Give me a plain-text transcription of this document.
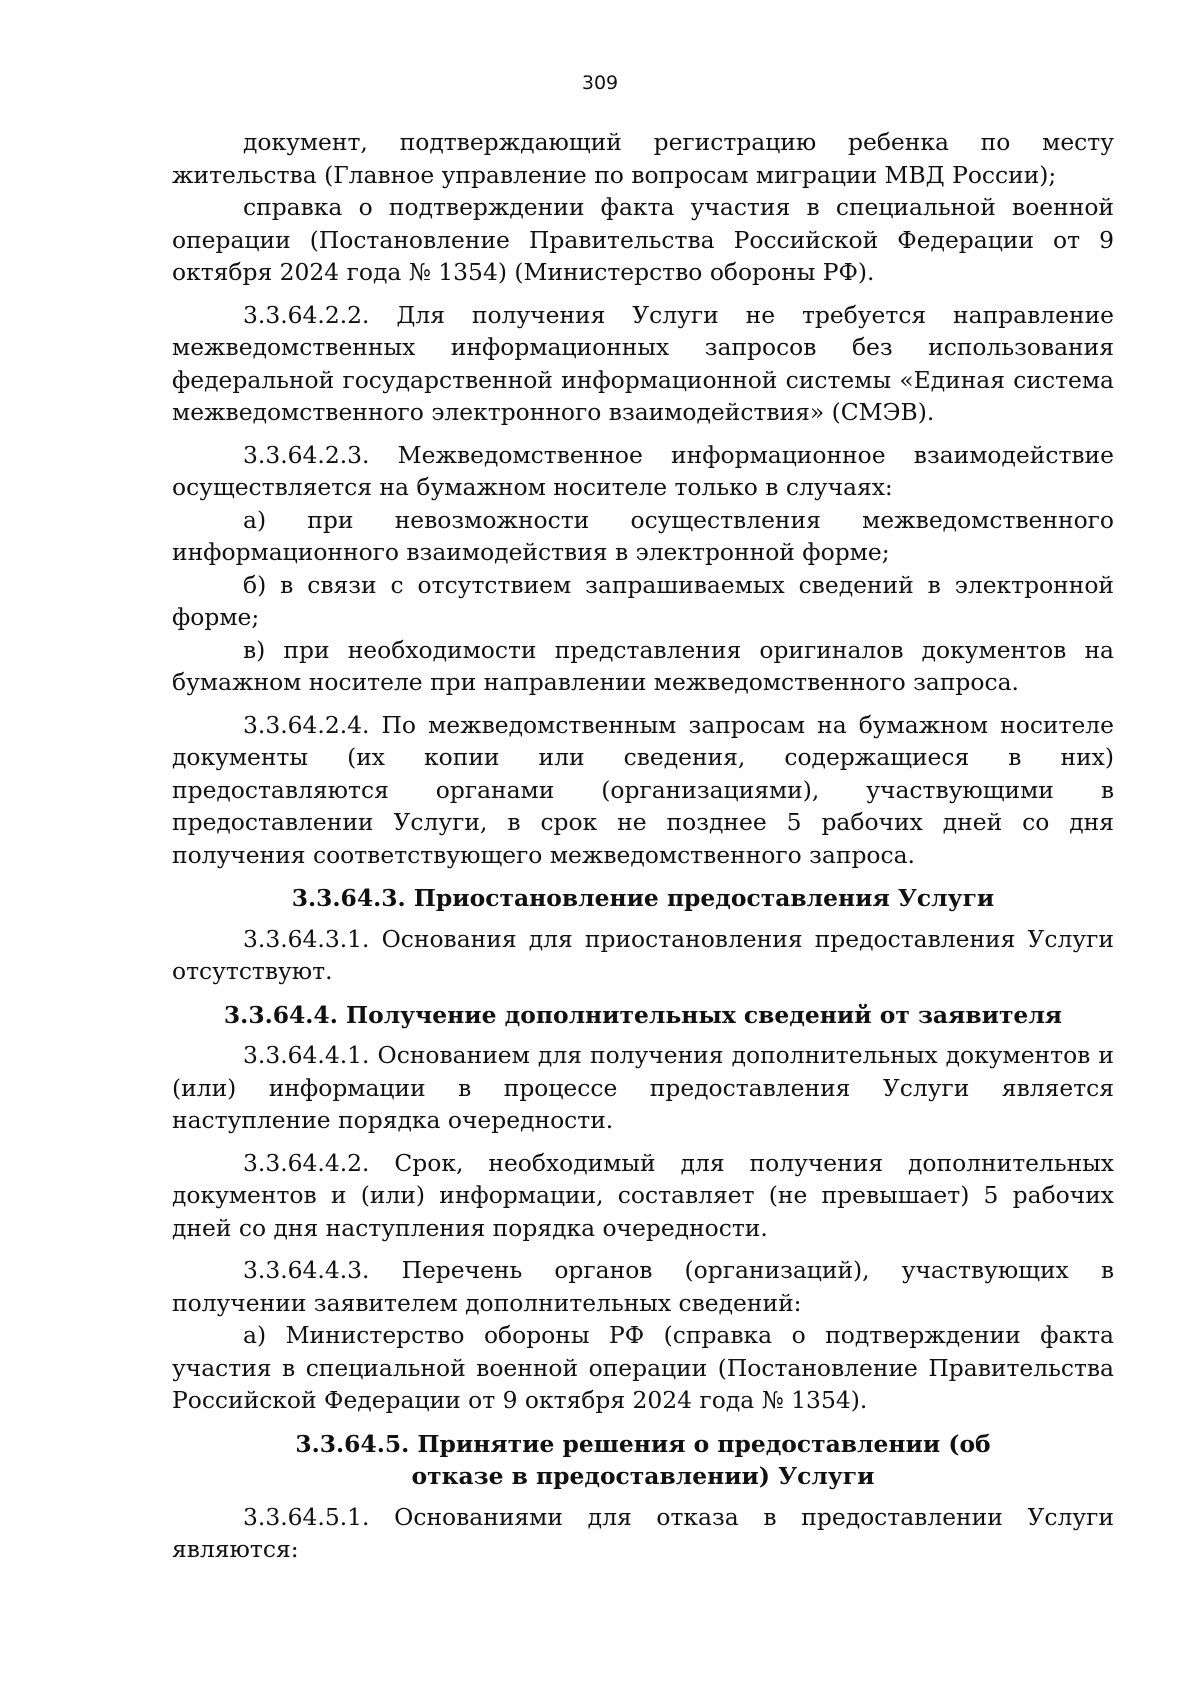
309

документ, подтверждающий регистрацию ребенка по месту жительства (Главное управление по вопросам миграции МВД России);

справка о подтверждении факта участия в специальной военной операции (Постановление Правительства Российской Федерации от 9 октября 2024 года № 1354) (Министерство обороны РФ).

3.3.64.2.2. Для получения Услуги не требуется направление межведомственных информационных запросов без использования федеральной государственной информационной системы «Единая система межведомственного электронного взаимодействия» (СМЭВ).

3.3.64.2.3. Межведомственное информационное взаимодействие осуществляется на бумажном носителе только в случаях:

а) при невозможности осуществления межведомственного информационного взаимодействия в электронной форме;

б) в связи с отсутствием запрашиваемых сведений в электронной форме;

в) при необходимости представления оригиналов документов на бумажном носителе при направлении межведомственного запроса.

3.3.64.2.4. По межведомственным запросам на бумажном носителе документы (их копии или сведения, содержащиеся в них) предоставляются органами (организациями), участвующими в предоставлении Услуги, в срок не позднее 5 рабочих дней со дня получения соответствующего межведомственного запроса.

3.3.64.3. Приостановление предоставления Услуги

3.3.64.3.1. Основания для приостановления предоставления Услуги отсутствуют.

3.3.64.4. Получение дополнительных сведений от заявителя

3.3.64.4.1. Основанием для получения дополнительных документов и (или) информации в процессе предоставления Услуги является наступление порядка очередности.

3.3.64.4.2. Срок, необходимый для получения дополнительных документов и (или) информации, составляет (не превышает) 5 рабочих дней со дня наступления порядка очередности.

3.3.64.4.3. Перечень органов (организаций), участвующих в получении заявителем дополнительных сведений:

а) Министерство обороны РФ (справка о подтверждении факта участия в специальной военной операции (Постановление Правительства Российской Федерации от 9 октября 2024 года № 1354).

3.3.64.5. Принятие решения о предоставлении (об отказе в предоставлении) Услуги

3.3.64.5.1. Основаниями для отказа в предоставлении Услуги являются:
